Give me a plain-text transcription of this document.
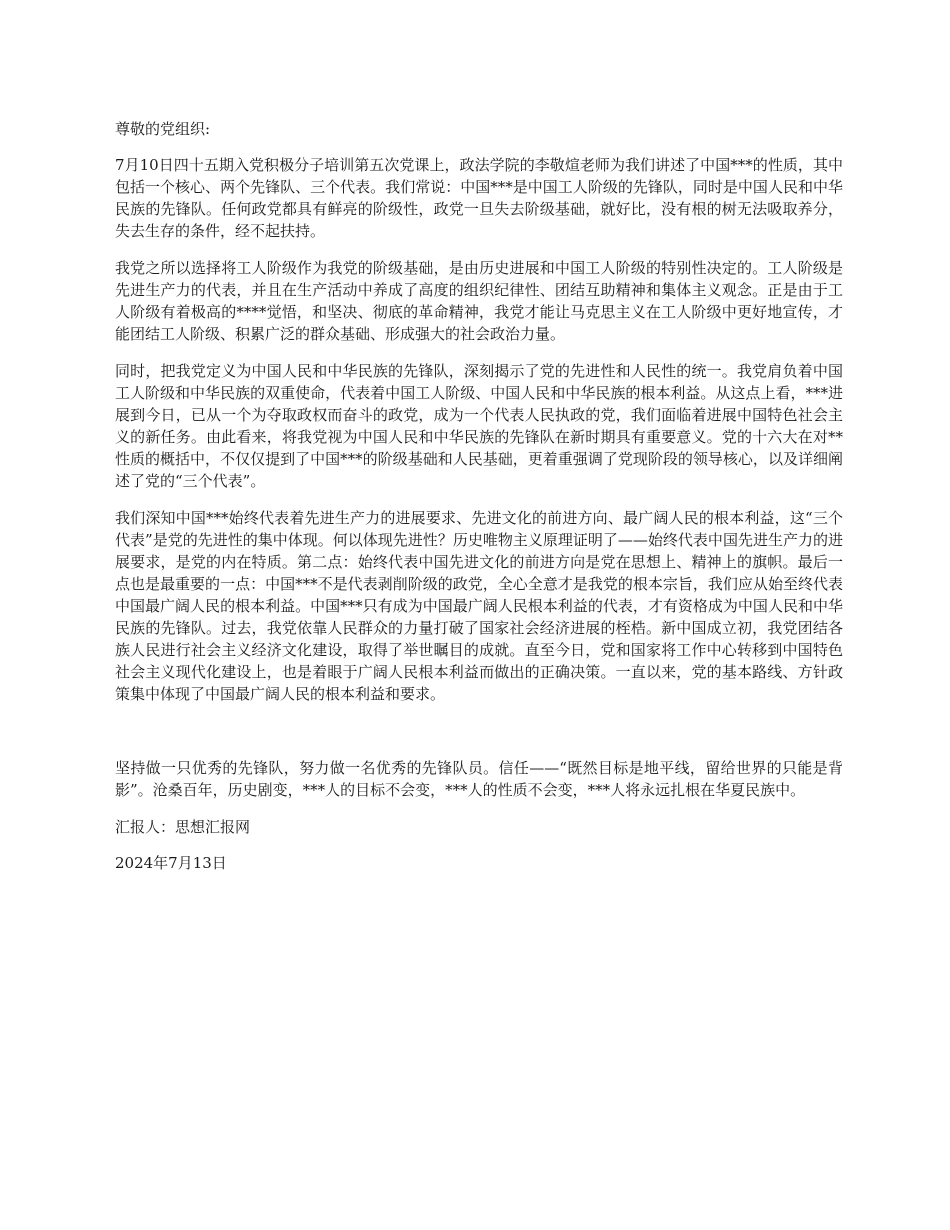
尊敬的党组织:

7月10日四十五期入党积极分子培训第五次党课上，政法学院的李敬煊老师为我们讲述了中国***的性质，其中包括一个核心、两个先锋队、三个代表。我们常说：中国***是中国工人阶级的先锋队，同时是中国人民和中华民族的先锋队。任何政党都具有鲜亮的阶级性，政党一旦失去阶级基础，就好比，没有根的树无法吸取养分，失去生存的条件，经不起扶持。

我党之所以选择将工人阶级作为我党的阶级基础，是由历史进展和中国工人阶级的特别性决定的。工人阶级是先进生产力的代表，并且在生产活动中养成了高度的组织纪律性、团结互助精神和集体主义观念。正是由于工人阶级有着极高的****觉悟，和坚决、彻底的革命精神，我党才能让马克思主义在工人阶级中更好地宣传，才能团结工人阶级、积累广泛的群众基础、形成强大的社会政治力量。

同时，把我党定义为中国人民和中华民族的先锋队，深刻揭示了党的先进性和人民性的统一。我党肩负着中国工人阶级和中华民族的双重使命，代表着中国工人阶级、中国人民和中华民族的根本利益。从这点上看，***进展到今日，已从一个为夺取政权而奋斗的政党，成为一个代表人民执政的党，我们面临着进展中国特色社会主义的新任务。由此看来，将我党视为中国人民和中华民族的先锋队在新时期具有重要意义。党的十六大在对**性质的概括中，不仅仅提到了中国***的阶级基础和人民基础，更着重强调了党现阶段的领导核心，以及详细阐述了党的“三个代表”。

我们深知中国***始终代表着先进生产力的进展要求、先进文化的前进方向、最广阔人民的根本利益，这“三个代表”是党的先进性的集中体现。何以体现先进性？历史唯物主义原理证明了——始终代表中国先进生产力的进展要求，是党的内在特质。第二点：始终代表中国先进文化的前进方向是党在思想上、精神上的旗帜。最后一点也是最重要的一点：中国***不是代表剥削阶级的政党，全心全意才是我党的根本宗旨，我们应从始至终代表中国最广阔人民的根本利益。中国***只有成为中国最广阔人民根本利益的代表，才有资格成为中国人民和中华民族的先锋队。过去，我党依靠人民群众的力量打破了国家社会经济进展的桎梏。新中国成立初，我党团结各族人民进行社会主义经济文化建设，取得了举世瞩目的成就。直至今日，党和国家将工作中心转移到中国特色社会主义现代化建设上，也是着眼于广阔人民根本利益而做出的正确决策。一直以来，党的基本路线、方针政策集中体现了中国最广阔人民的根本利益和要求。

坚持做一只优秀的先锋队，努力做一名优秀的先锋队员。信任——“既然目标是地平线，留给世界的只能是背影”。沧桑百年，历史剧变，***人的目标不会变，***人的性质不会变，***人将永远扎根在华夏民族中。

汇报人：思想汇报网

2024年7月13日
